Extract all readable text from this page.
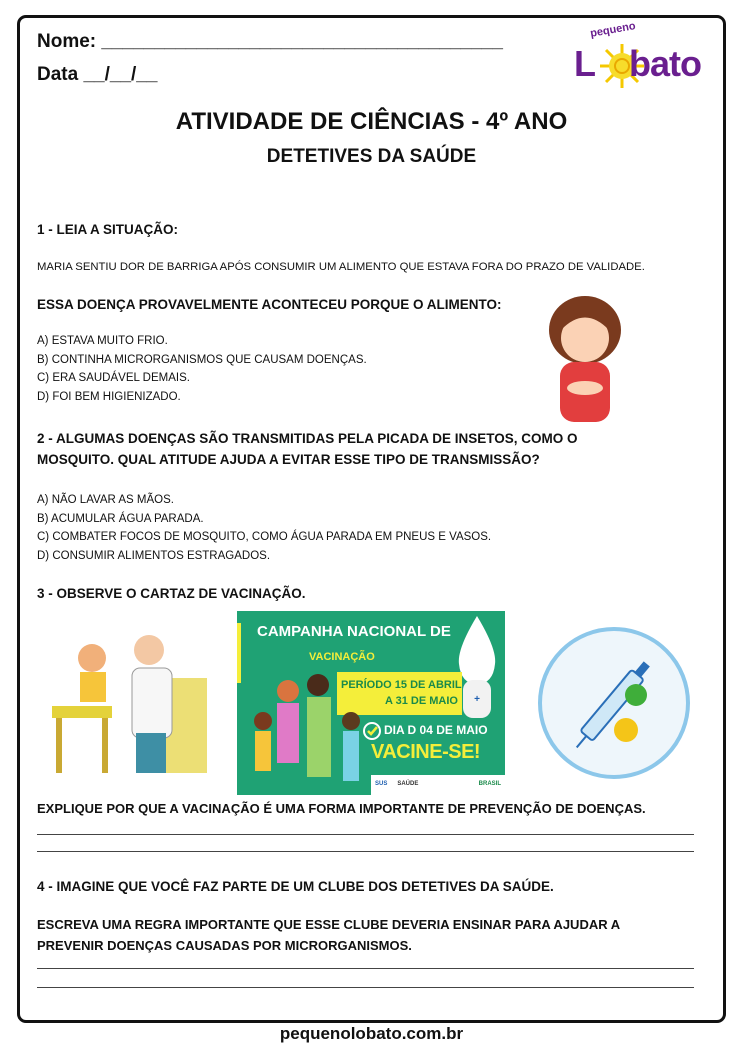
Nome: ______________________________________
Data __/__/__
pequeno
L bato
ATIVIDADE DE CIÊNCIAS - 4º ANO
DETETIVES DA SAÚDE
1 - LEIA A SITUAÇÃO:
MARIA SENTIU DOR DE BARRIGA APÓS CONSUMIR UM ALIMENTO QUE ESTAVA FORA DO PRAZO DE VALIDADE.
ESSA DOENÇA PROVAVELMENTE ACONTECEU PORQUE O ALIMENTO:
A) ESTAVA MUITO FRIO.
B) CONTINHA MICRORGANISMOS QUE CAUSAM DOENÇAS.
C) ERA SAUDÁVEL DEMAIS.
D) FOI BEM HIGIENIZADO.
2 - ALGUMAS DOENÇAS SÃO TRANSMITIDAS PELA PICADA DE INSETOS, COMO O
MOSQUITO. QUAL ATITUDE AJUDA A EVITAR ESSE TIPO DE TRANSMISSÃO?
A) NÃO LAVAR AS MÃOS.
B) ACUMULAR ÁGUA PARADA.
C) COMBATER FOCOS DE MOSQUITO, COMO ÁGUA PARADA EM PNEUS E VASOS.
D) CONSUMIR ALIMENTOS ESTRAGADOS.
3 - OBSERVE O CARTAZ DE VACINAÇÃO.
+
CAMPANHA NACIONAL DE
VACINAÇÃO
PERÍODO 15 DE ABRIL
A 31 DE MAIO
DIA D 04 DE MAIO
VACINE-SE!
SUS SAÚDE	BRASIL
EXPLIQUE POR QUE A VACINAÇÃO É UMA FORMA IMPORTANTE DE PREVENÇÃO DE DOENÇAS.
4 - IMAGINE QUE VOCÊ FAZ PARTE DE UM CLUBE DOS DETETIVES DA SAÚDE.
ESCREVA UMA REGRA IMPORTANTE QUE ESSE CLUBE DEVERIA ENSINAR PARA AJUDAR A
PREVENIR DOENÇAS CAUSADAS POR MICRORGANISMOS.
pequenolobato.com.br
